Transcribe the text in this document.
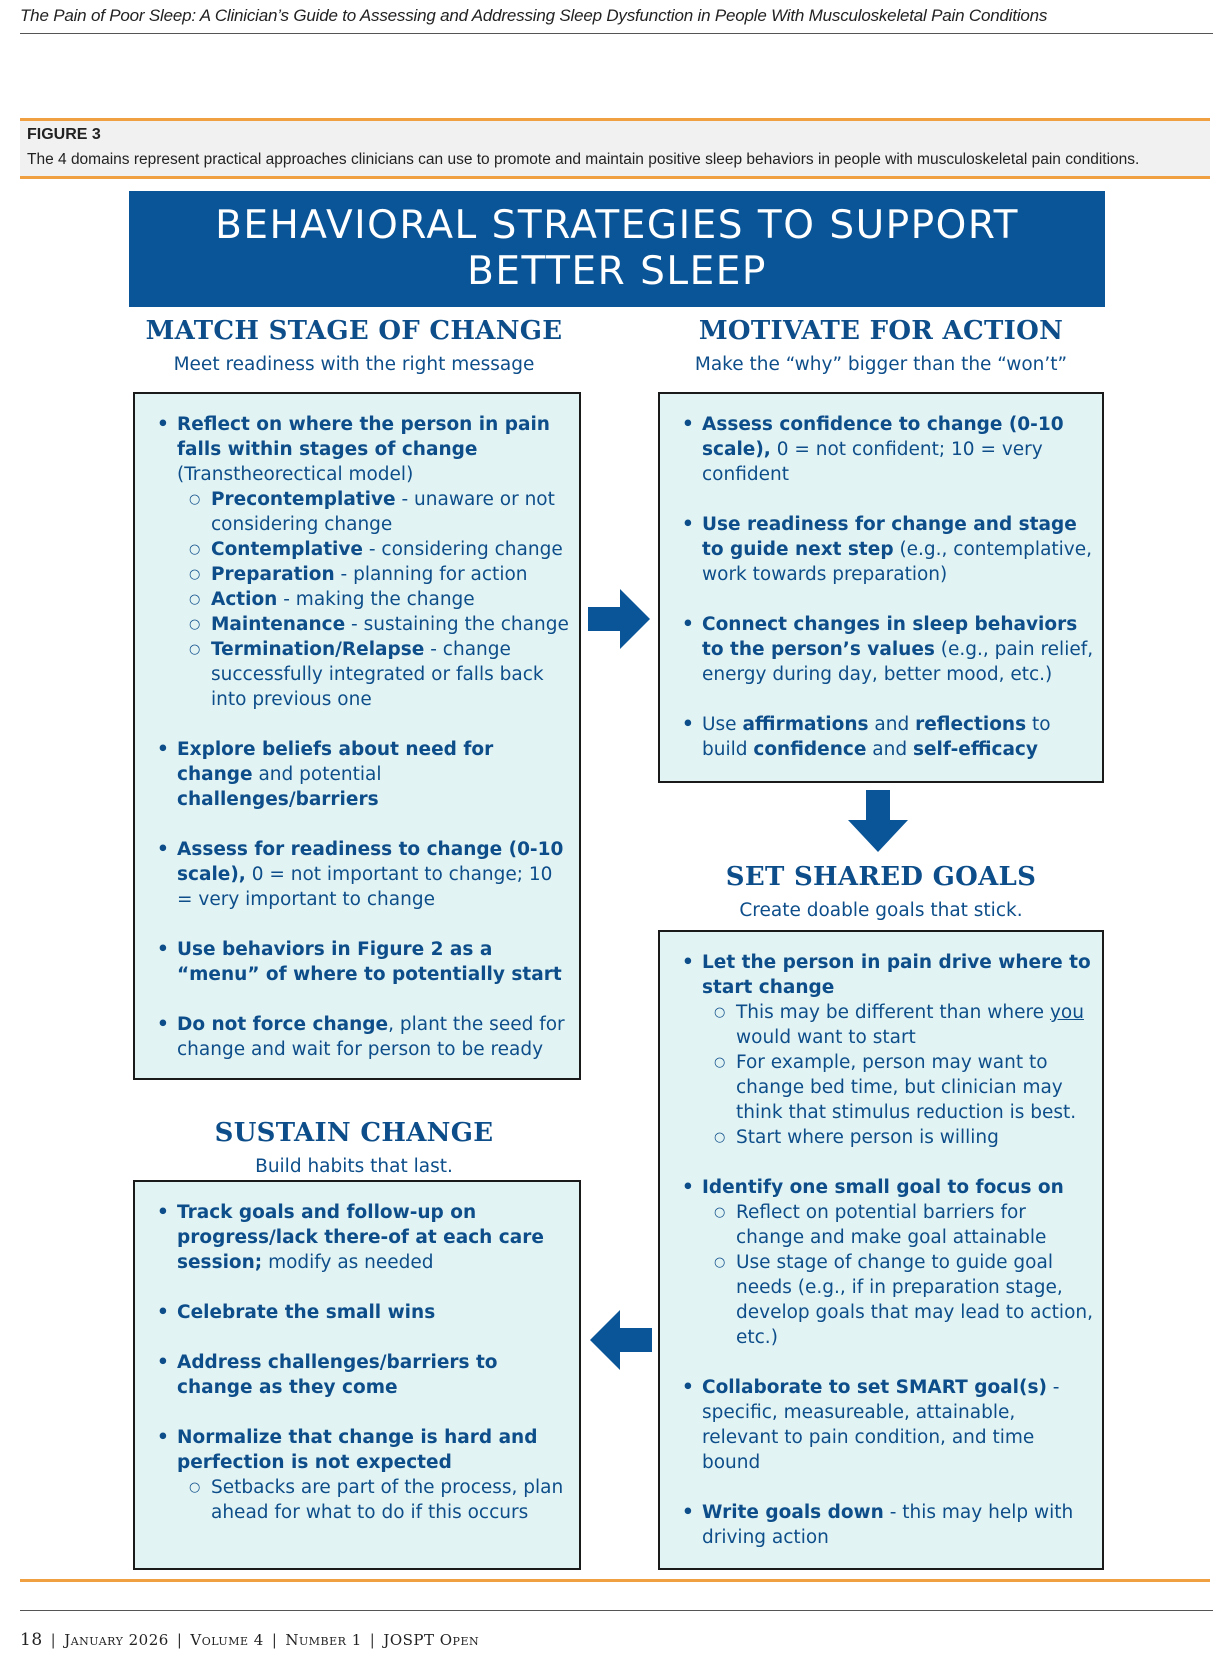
The Pain of Poor Sleep: A Clinician’s Guide to Assessing and Addressing Sleep Dysfunction in People With Musculoskeletal Pain Conditions
FIGURE 3
The 4 domains represent practical approaches clinicians can use to promote and maintain positive sleep behaviors in people with musculoskeletal pain conditions.
BEHAVIORAL STRATEGIES TO SUPPORT BETTER SLEEP
MATCH STAGE OF CHANGE
Meet readiness with the right message
• Reflect on where the person in pain falls within stages of change (Transtheorectical model)
○ Precontemplative - unaware or not considering change
○ Contemplative - considering change
○ Preparation - planning for action
○ Action - making the change
○ Maintenance - sustaining the change
○ Termination/Relapse - change successfully integrated or falls back into previous one
• Explore beliefs about need for change and potential challenges/barriers
• Assess for readiness to change (0-10 scale), 0 = not important to change; 10 = very important to change
• Use behaviors in Figure 2 as a “menu” of where to potentially start
• Do not force change, plant the seed for change and wait for person to be ready
MOTIVATE FOR ACTION
Make the “why” bigger than the “won’t”
• Assess confidence to change (0-10 scale), 0 = not confident; 10 = very confident
• Use readiness for change and stage to guide next step (e.g., contemplative, work towards preparation)
• Connect changes in sleep behaviors to the person’s values (e.g., pain relief, energy during day, better mood, etc.)
• Use affirmations and reflections to build confidence and self-efficacy
SET SHARED GOALS
Create doable goals that stick.
• Let the person in pain drive where to start change
○ This may be different than where you would want to start
○ For example, person may want to change bed time, but clinician may think that stimulus reduction is best.
○ Start where person is willing
• Identify one small goal to focus on
○ Reflect on potential barriers for change and make goal attainable
○ Use stage of change to guide goal needs (e.g., if in preparation stage, develop goals that may lead to action, etc.)
• Collaborate to set SMART goal(s) - specific, measureable, attainable, relevant to pain condition, and time bound
• Write goals down - this may help with driving action
SUSTAIN CHANGE
Build habits that last.
• Track goals and follow-up on progress/lack there-of at each care session; modify as needed
• Celebrate the small wins
• Address challenges/barriers to change as they come
• Normalize that change is hard and perfection is not expected
○ Setbacks are part of the process, plan ahead for what to do if this occurs
18 | January 2026 | Volume 4 | Number 1 | JOSPT Open
